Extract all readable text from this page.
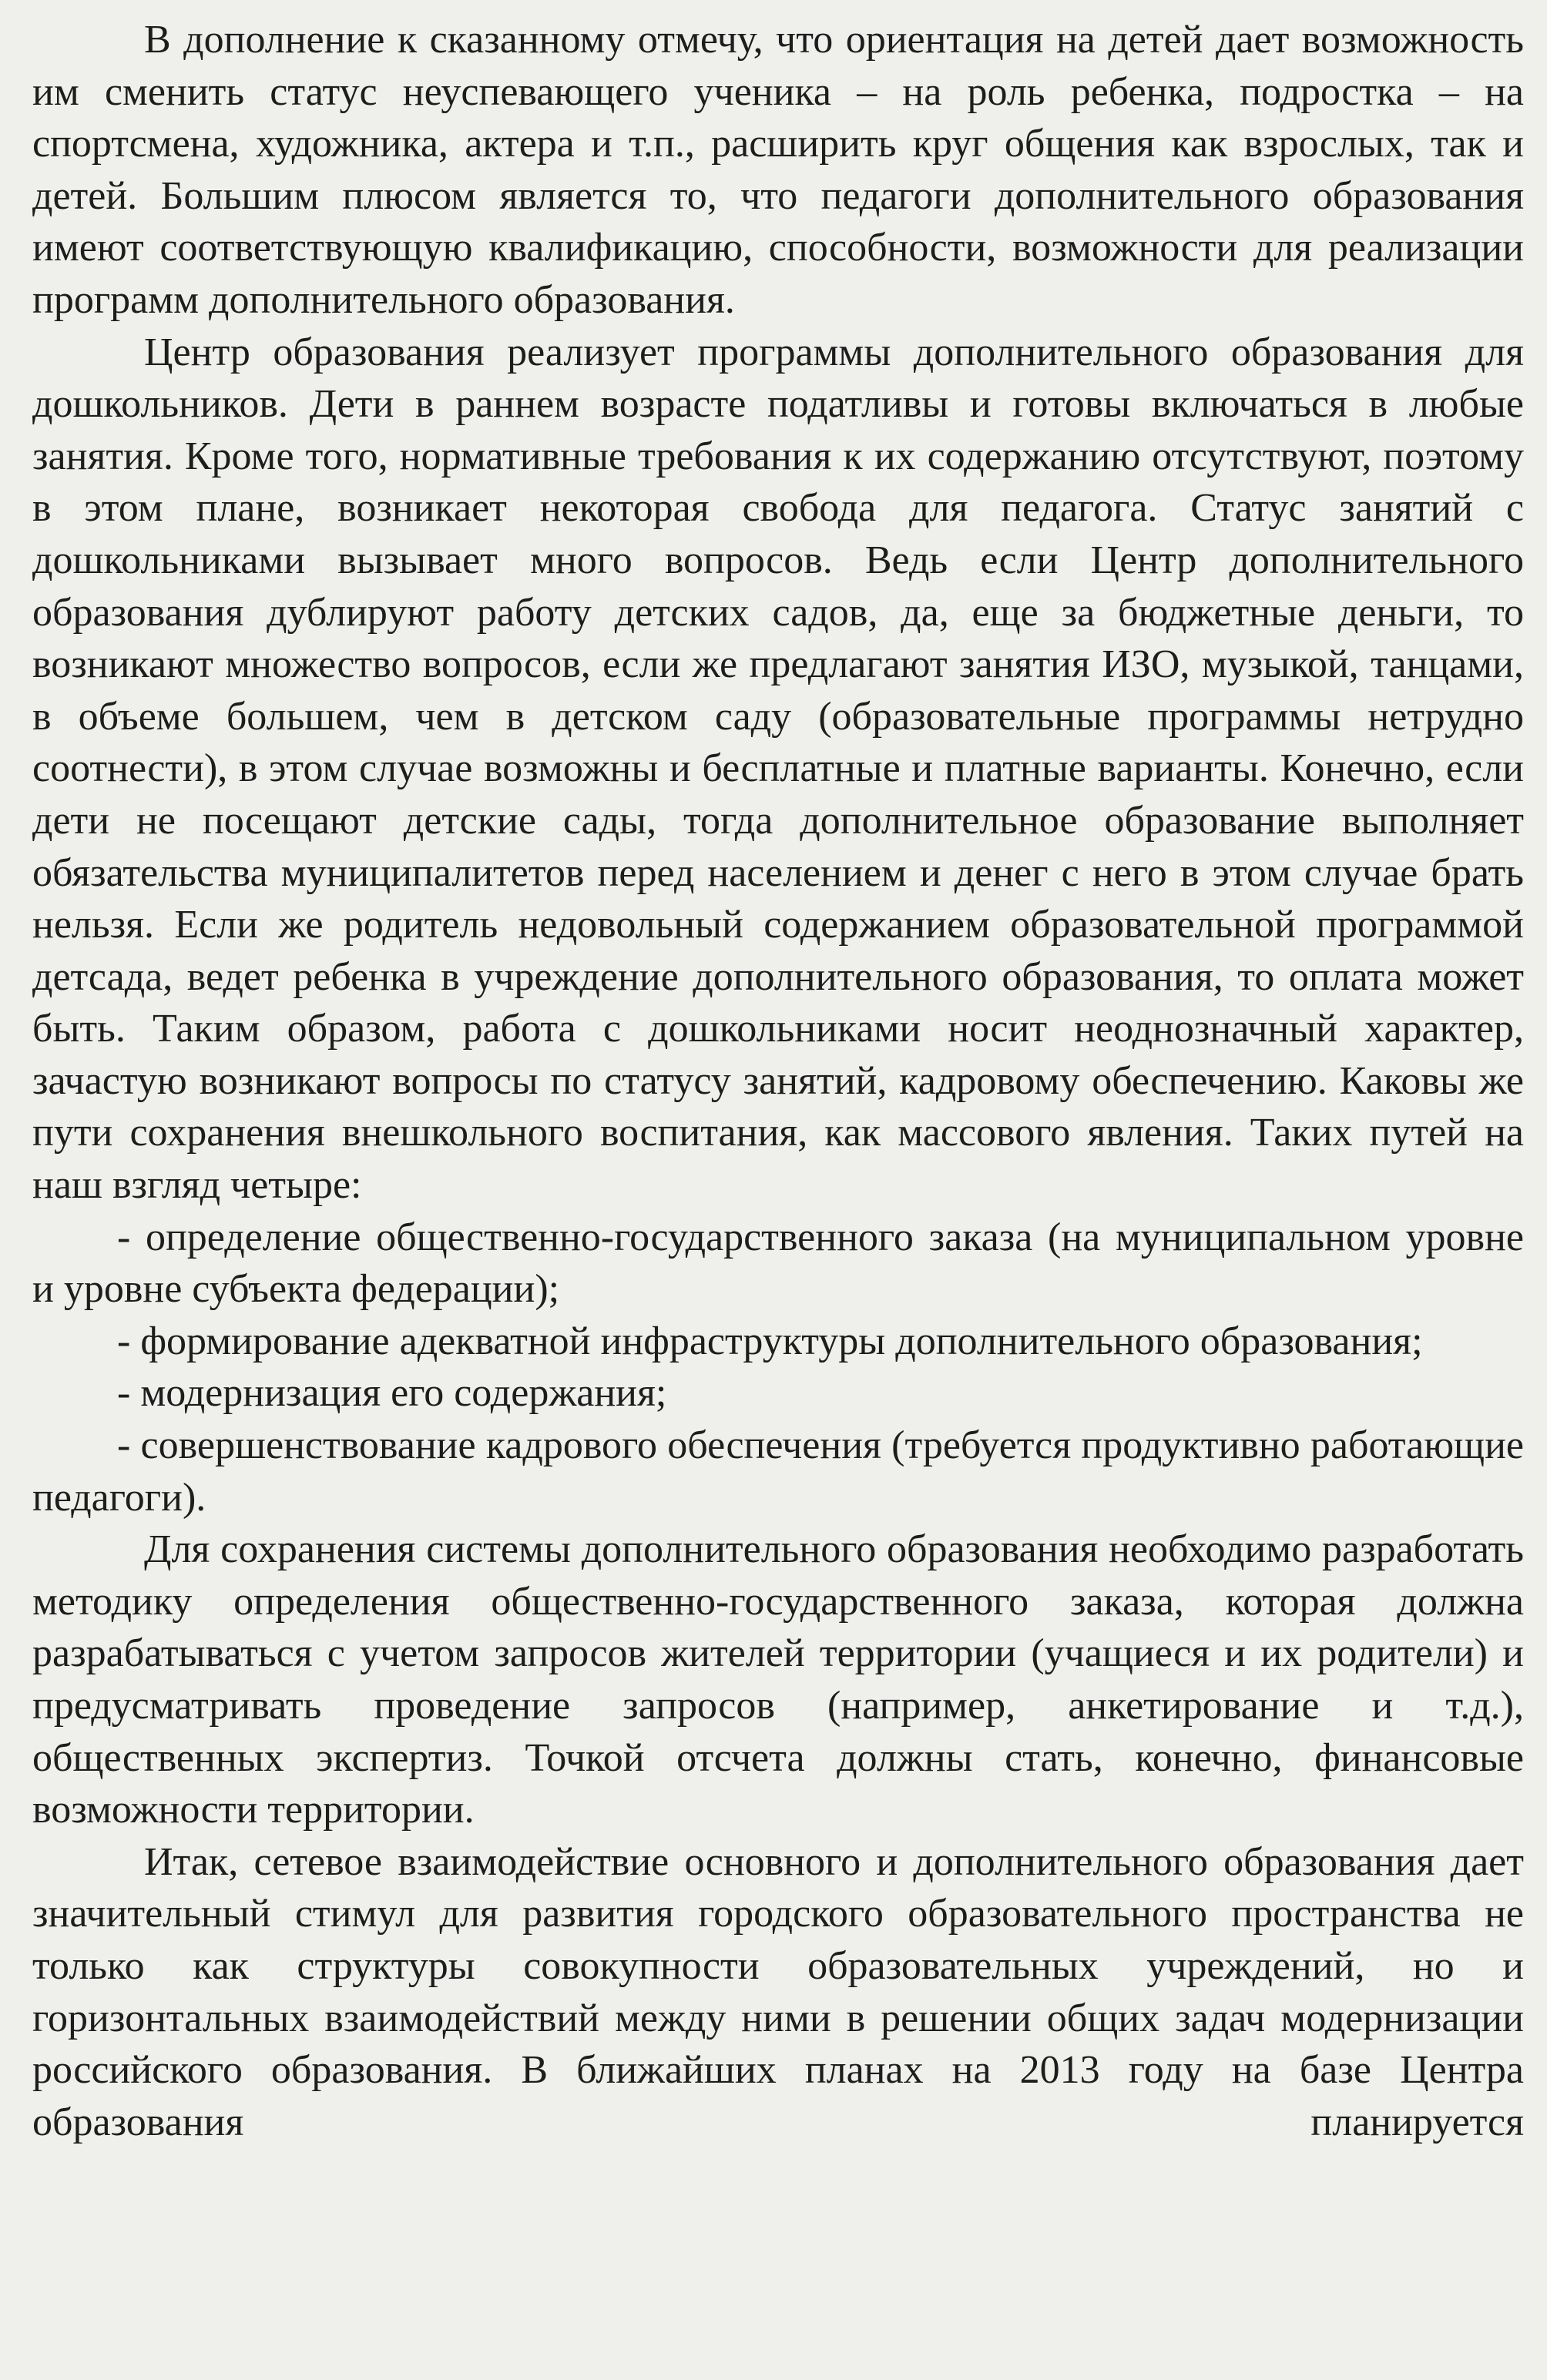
В дополнение к сказанному отмечу, что ориентация на детей дает возможность им сменить статус неуспевающего ученика – на роль ребенка, подростка – на спортсмена, художника, актера и т.п., расширить круг общения как взрослых, так и детей. Большим плюсом является то, что педагоги дополнительного образования имеют соответствующую квалификацию, способности, возможности для реализации программ дополнительного образования.

Центр образования реализует программы дополнительного образования для дошкольников. Дети в раннем возрасте податливы и готовы включаться в любые занятия. Кроме того, нормативные требования к их содержанию отсутствуют, поэтому в этом плане, возникает некоторая свобода для педагога. Статус занятий с дошкольниками вызывает много вопросов. Ведь если Центр дополнительного образования дублируют работу детских садов, да, еще за бюджетные деньги, то возникают множество вопросов, если же предлагают занятия ИЗО, музыкой, танцами, в объеме большем, чем в детском саду (образовательные программы нетрудно соотнести), в этом случае возможны и бесплатные и платные варианты. Конечно, если дети не посещают детские сады, тогда дополнительное образование выполняет обязательства муниципалитетов перед населением и денег с него в этом случае брать нельзя. Если же родитель недовольный содержанием образовательной программой детсада, ведет ребенка в учреждение дополнительного образования, то оплата может быть. Таким образом, работа с дошкольниками носит неоднозначный характер, зачастую возникают вопросы по статусу занятий, кадровому обеспечению. Каковы же пути сохранения внешкольного воспитания, как массового явления. Таких путей на наш взгляд четыре:

- определение общественно-государственного заказа (на муниципальном уровне и уровне субъекта федерации);

- формирование адекватной инфраструктуры дополнительного образования;

- модернизация его содержания;

- совершенствование кадрового обеспечения (требуется продуктивно работающие педагоги).

Для сохранения системы дополнительного образования необходимо разработать методику определения общественно-государственного заказа, которая должна разрабатываться с учетом запросов жителей территории (учащиеся и их родители) и предусматривать проведение запросов (например, анкетирование и т.д.), общественных экспертиз. Точкой отсчета должны стать, конечно, финансовые возможности территории.

Итак, сетевое взаимодействие основного и дополнительного образования дает значительный стимул для развития городского образовательного пространства не только как структуры совокупности образовательных учреждений, но и горизонтальных взаимодействий между ними в решении общих задач модернизации российского образования. В ближайших планах на 2013 году на базе Центра образования планируется
